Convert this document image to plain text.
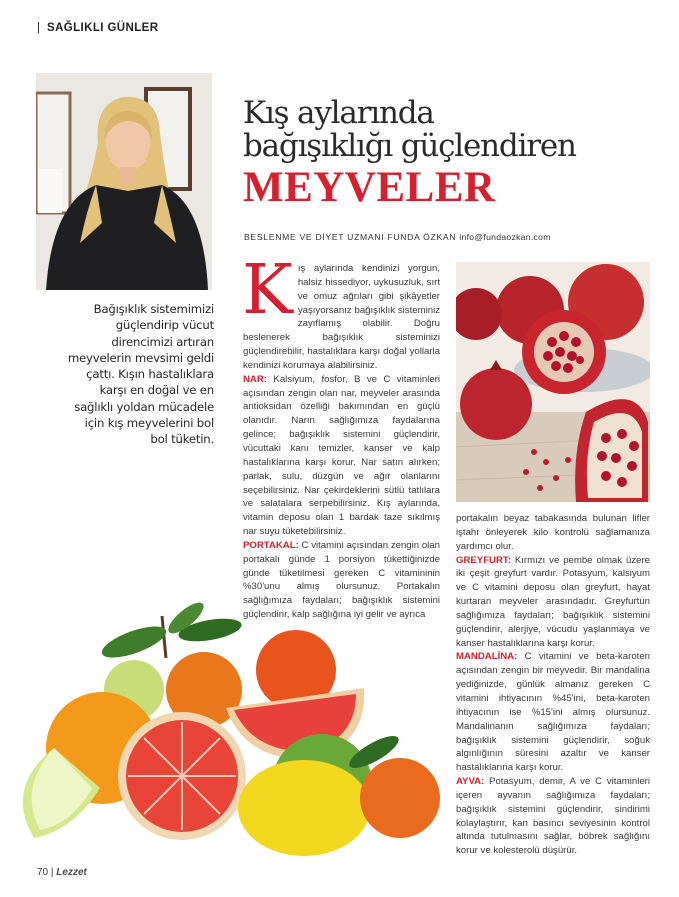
| SAĞLIKLI GÜNLER
Kış aylarında
bağışıklığı güçlendiren
MEYVELER
BESLENME VE DİYET UZMANI FUNDA ÖZKAN info@fundaozkan.com
Bağışıklık sistemimizi güçlendirip vücut direncimizi artıran meyvelerin mevsimi geldi çattı. Kışın hastalıklara karşı en doğal ve en sağlıklı yoldan mücadele için kış meyvelerini bol bol tüketin.
K ış aylarında kendinizi yorgun, halsiz hissediyor, uykusuzluk, sırt ve omuz ağrıları gibi şikâyetler yaşıyorsanız bağışıklık sisteminiz zayıflamış olabilir. Doğru beslenerek bağışıklık sisteminizi güçlendirebilir, hastalıklara karşı doğal yollarla kendinizi korumaya alabilirsiniz.

NAR: Kalsiyum, fosfor, B ve C vitaminleri açısından zengin olan nar, meyveler arasında antioksidan özelliği bakımından en güçlü olanıdır. Narın sağlığımıza faydalarına gelince; bağışıklık sistemini güçlendirir, vücuttaki kanı temizler, kanser ve kalp hastalıklarına karşı korur. Nar satın alırken; parlak, sulu, düzgün ve ağır olanlarını seçebilirsiniz. Nar çekirdeklerini sütlü tatlılara ve salatalara serpebilirsiniz. Kış aylarında, vitamin deposu olan 1 bardak taze sıkılmış nar suyu tüketebilirsiniz.

PORTAKAL: C vitamini açısından zengin olan portakalı günde 1 porsiyon tükettiğinizde günde tüketilmesi gereken C vitamininin %30'unu almış olursunuz. Portakalın sağlığımıza faydaları; bağışıklık sistemini güçlendirir, kalp sağlığına iyi gelir ve ayrıca

portakalın beyaz tabakasında bulunan lifler iştahı önleyerek kilo kontrolü sağlamanıza yardımcı olur.

GREYFURT: Kırmızı ve pembe olmak üzere iki çeşit greyfurt vardır. Potasyum, kalsiyum ve C vitamini deposu olan greyfurt, hayat kurtaran meyveler arasındadır. Greyfurtun sağlığımıza faydaları; bağışıklık sistemini güçlendirir, alerjiye, vücudu yaşlanmaya ve kanser hastalıklarına karşı korur.

MANDALİNA: C vitamini ve beta-karoten açısından zengin bir meyvedir. Bir mandalina yediğinizde, günlük almanız gereken C vitamini ihtiyacının %45'ini, beta-karoten ihtiyacının ise %15'ini almış olursunuz. Mandalinanın sağlığımıza faydaları; bağışıklık sistemini güçlendirir, soğuk algınlığının süresini azaltır ve kanser hastalıklarına karşı korur.

AYVA: Potasyum, demir, A ve C vitaminleri içeren ayvanın sağlığımıza faydaları; bağışıklık sistemini güçlendirir, sindirimi kolaylaştırır, kan basıncı seviyesinin kontrol altında tutulmasını sağlar, böbrek sağlığını korur ve kolesterolü düşürür.

70 | Lezzet
